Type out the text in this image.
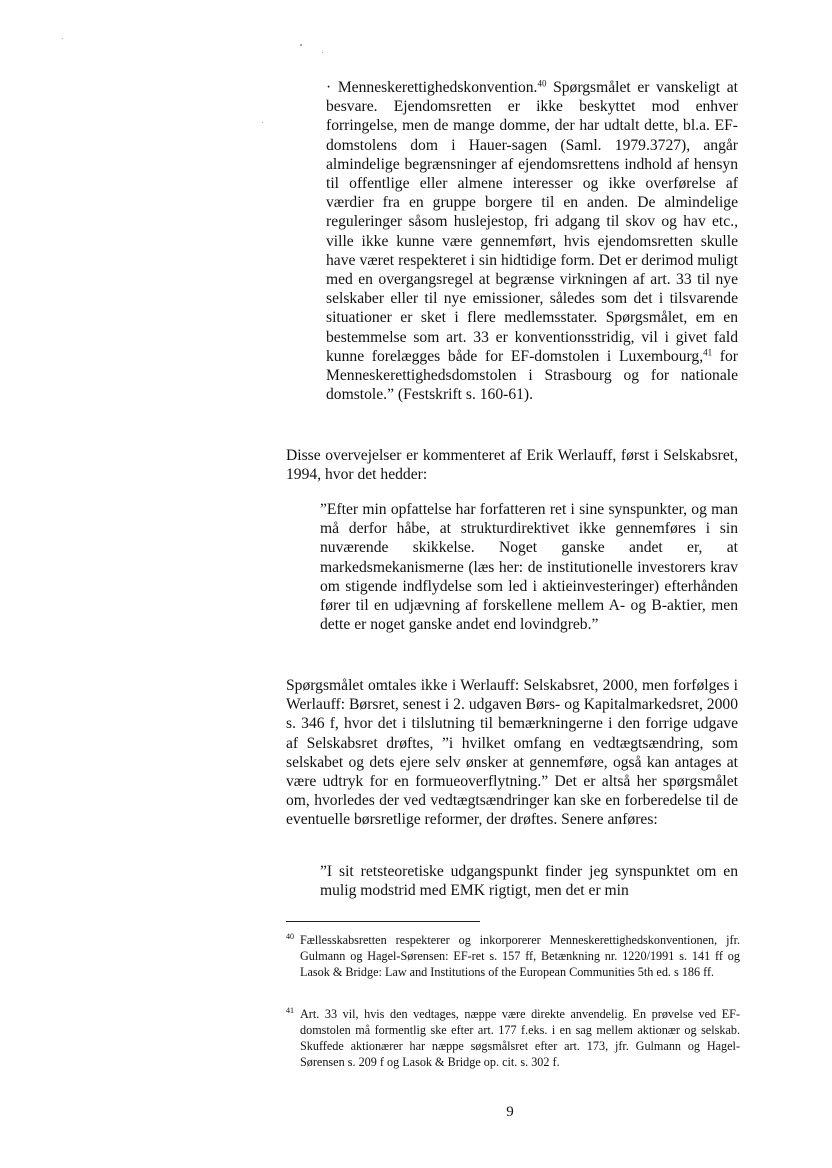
· Menneskerettighedskonvention.$^{40}$ Spørgsmålet er vanskeligt at besvare. Ejendomsretten er ikke beskyttet mod enhver forringelse, men de mange domme, der har udtalt dette, bl.a. EF-domstolens dom i Hauer-sagen (Saml. 1979.3727), angår almindelige begrænsninger af ejendomsrettens indhold af hensyn til offentlige eller almene interesser og ikke overførelse af værdier fra en gruppe borgere til en anden. De almindelige reguleringer såsom huslejestop, fri adgang til skov og hav etc., ville ikke kunne være gennemført, hvis ejendomsretten skulle have været respekteret i sin hidtidige form. Det er derimod muligt med en overgangsregel at begrænse virkningen af art. 33 til nye selskaber eller til nye emissioner, således som det i tilsvarende situationer er sket i flere medlemsstater. Spørgsmålet, em en bestemmelse som art. 33 er konventionsstridig, vil i givet fald kunne forelægges både for EF-domstolen i Luxembourg,$^{41}$ for Menneskerettighedsdomstolen i Strasbourg og for nationale domstole.” (Festskrift s. 160-61).
Disse overvejelser er kommenteret af Erik Werlauff, først i Selskabsret, 1994, hvor det hedder:
”Efter min opfattelse har forfatteren ret i sine synspunkter, og man må derfor håbe, at strukturdirektivet ikke gennemføres i sin nuværende skikkelse. Noget ganske andet er, at markedsmekanismerne (læs her: de institutionelle investorers krav om stigende indflydelse som led i aktieinvesteringer) efterhånden fører til en udjævning af forskellene mellem A- og B-aktier, men dette er noget ganske andet end lovindgreb.”
Spørgsmålet omtales ikke i Werlauff: Selskabsret, 2000, men forfølges i Werlauff: Børsret, senest i 2. udgaven Børs- og Kapitalmarkedsret, 2000 s. 346 f, hvor det i tilslutning til bemærkningerne i den forrige udgave af Selskabsret drøftes, ”i hvilket omfang en vedtægtsændring, som selskabet og dets ejere selv ønsker at gennemføre, også kan antages at være udtryk for en formueoverflytning.” Det er altså her spørgsmålet om, hvorledes der ved vedtægtsændringer kan ske en forberedelse til de eventuelle børsretlige reformer, der drøftes. Senere anføres:
”I sit retsteoretiske udgangspunkt finder jeg synspunktet om en mulig modstrid med EMK rigtigt, men det er min
40 Fællesskabsretten respekterer og inkorporerer Menneskerettighedskonventionen, jfr. Gulmann og Hagel-Sørensen: EF-ret s. 157 ff, Betænkning nr. 1220/1991 s. 141 ff og Lasok & Bridge: Law and Institutions of the European Communities 5th ed. s 186 ff.
41 Art. 33 vil, hvis den vedtages, næppe være direkte anvendelig. En prøvelse ved EF-domstolen må formentlig ske efter art. 177 f.eks. i en sag mellem aktionær og selskab. Skuffede aktionærer har næppe søgsmålsret efter art. 173, jfr. Gulmann og Hagel-Sørensen s. 209 f og Lasok & Bridge op. cit. s. 302 f.
9
